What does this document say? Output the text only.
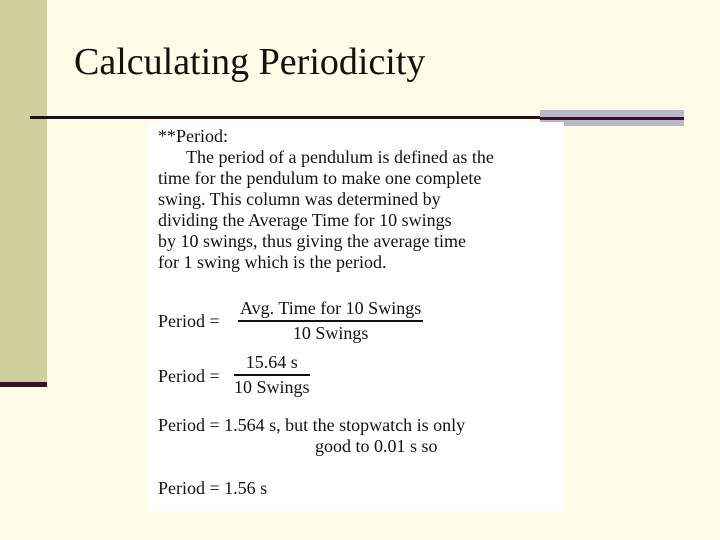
Calculating Periodicity
**Period:
The period of a pendulum is defined as the
time for the pendulum to make one complete
swing. This column was determined by
dividing the Average Time for 10 swings
by 10 swings, thus giving the average time
for 1 swing which is the period.
Period =
Avg. Time for 10 Swings
10 Swings
Period =
15.64 s
10 Swings
Period = 1.564 s, but the stopwatch is only
good to 0.01 s so
Period = 1.56 s
